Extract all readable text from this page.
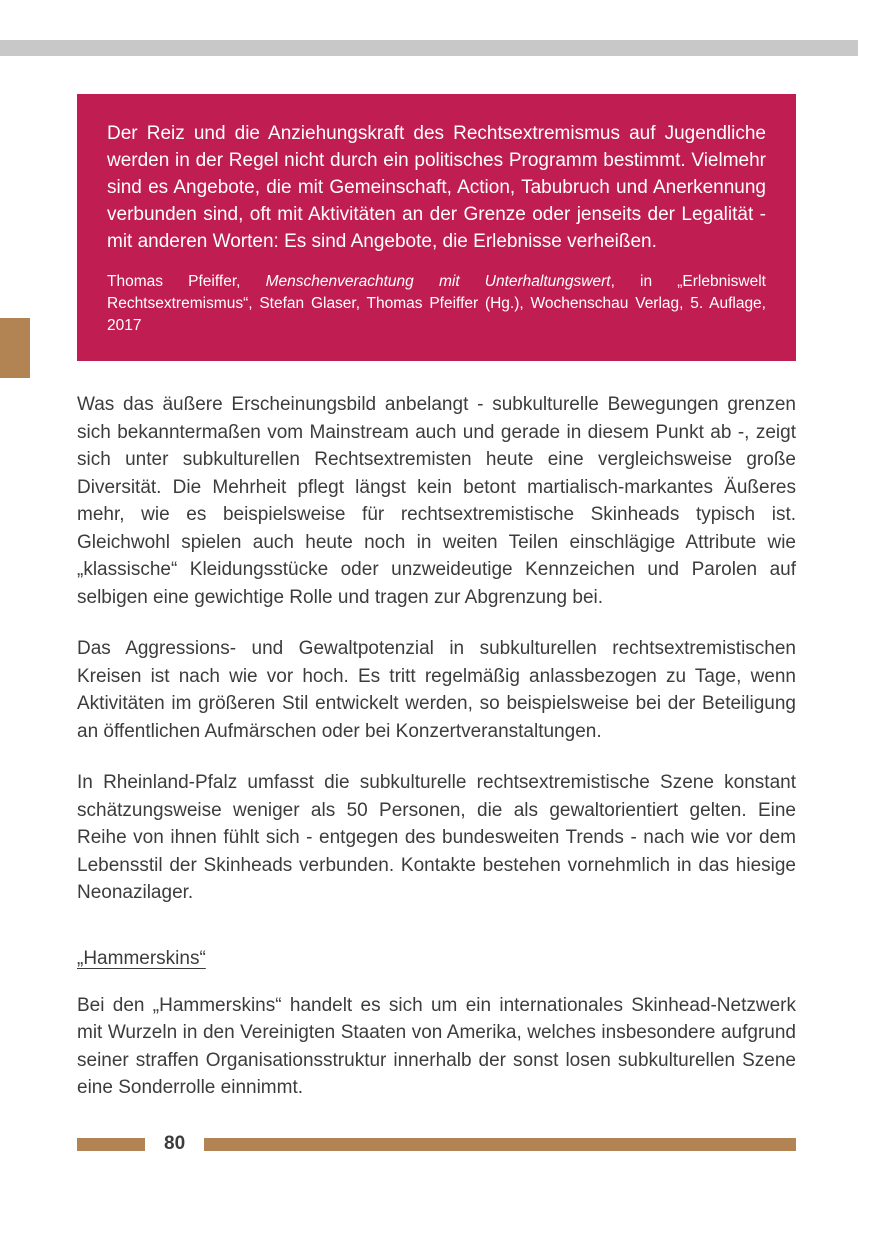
Der Reiz und die Anziehungskraft des Rechtsextremismus auf Jugendliche werden in der Regel nicht durch ein politisches Programm bestimmt. Vielmehr sind es Angebote, die mit Gemeinschaft, Action, Tabubruch und Anerkennung verbunden sind, oft mit Aktivitäten an der Grenze oder jenseits der Legalität - mit anderen Worten: Es sind Angebote, die Erlebnisse verheißen.

Thomas Pfeiffer, Menschenverachtung mit Unterhaltungswert, in „Erlebniswelt Rechtsextremismus“, Stefan Glaser, Thomas Pfeiffer (Hg.), Wochenschau Verlag, 5. Auflage, 2017

Was das äußere Erscheinungsbild anbelangt - subkulturelle Bewegungen grenzen sich bekanntermaßen vom Mainstream auch und gerade in diesem Punkt ab -, zeigt sich unter subkulturellen Rechtsextremisten heute eine vergleichsweise große Diversität. Die Mehrheit pflegt längst kein betont martialisch-markantes Äußeres mehr, wie es beispielsweise für rechtsextremistische Skinheads typisch ist. Gleichwohl spielen auch heute noch in weiten Teilen einschlägige Attribute wie „klassische“ Kleidungsstücke oder unzweideutige Kennzeichen und Parolen auf selbigen eine gewichtige Rolle und tragen zur Abgrenzung bei.

Das Aggressions- und Gewaltpotenzial in subkulturellen rechtsextremistischen Kreisen ist nach wie vor hoch. Es tritt regelmäßig anlassbezogen zu Tage, wenn Aktivitäten im größeren Stil entwickelt werden, so beispielsweise bei der Beteiligung an öffentlichen Aufmärschen oder bei Konzertveranstaltungen.

In Rheinland-Pfalz umfasst die subkulturelle rechtsextremistische Szene konstant schätzungsweise weniger als 50 Personen, die als gewaltorientiert gelten. Eine Reihe von ihnen fühlt sich - entgegen des bundesweiten Trends - nach wie vor dem Lebensstil der Skinheads verbunden. Kontakte bestehen vornehmlich in das hiesige Neonazilager.

„Hammerskins“

Bei den „Hammerskins“ handelt es sich um ein internationales Skinhead-Netzwerk mit Wurzeln in den Vereinigten Staaten von Amerika, welches insbesondere aufgrund seiner straffen Organisationsstruktur innerhalb der sonst losen subkulturellen Szene eine Sonderrolle einnimmt.

80
